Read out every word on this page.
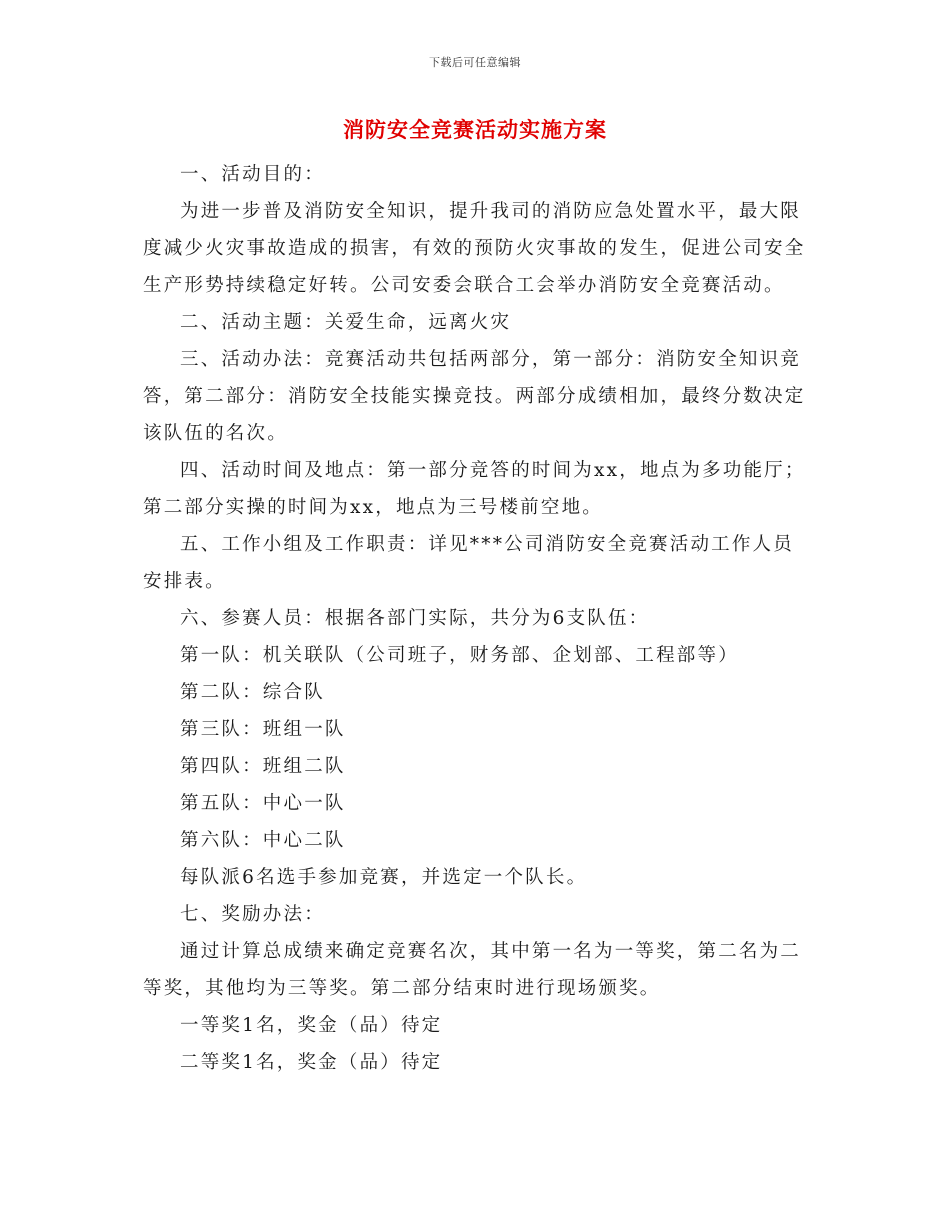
下载后可任意编辑
消防安全竞赛活动实施方案

一、活动目的：

为进一步普及消防安全知识，提升我司的消防应急处置水平，最大限度减少火灾事故造成的损害，有效的预防火灾事故的发生，促进公司安全生产形势持续稳定好转。公司安委会联合工会举办消防安全竞赛活动。

二、活动主题：关爱生命，远离火灾

三、活动办法：竞赛活动共包括两部分，第一部分：消防安全知识竞答，第二部分：消防安全技能实操竞技。两部分成绩相加，最终分数决定该队伍的名次。

四、活动时间及地点：第一部分竞答的时间为xx，地点为多功能厅；第二部分实操的时间为xx，地点为三号楼前空地。

五、工作小组及工作职责：详见***公司消防安全竞赛活动工作人员安排表。

六、参赛人员：根据各部门实际，共分为6支队伍：

第一队：机关联队（公司班子，财务部、企划部、工程部等）

第二队：综合队

第三队：班组一队

第四队：班组二队

第五队：中心一队

第六队：中心二队

每队派6名选手参加竞赛，并选定一个队长。

七、奖励办法：

通过计算总成绩来确定竞赛名次，其中第一名为一等奖，第二名为二等奖，其他均为三等奖。第二部分结束时进行现场颁奖。

一等奖1名，奖金（品）待定

二等奖1名，奖金（品）待定
